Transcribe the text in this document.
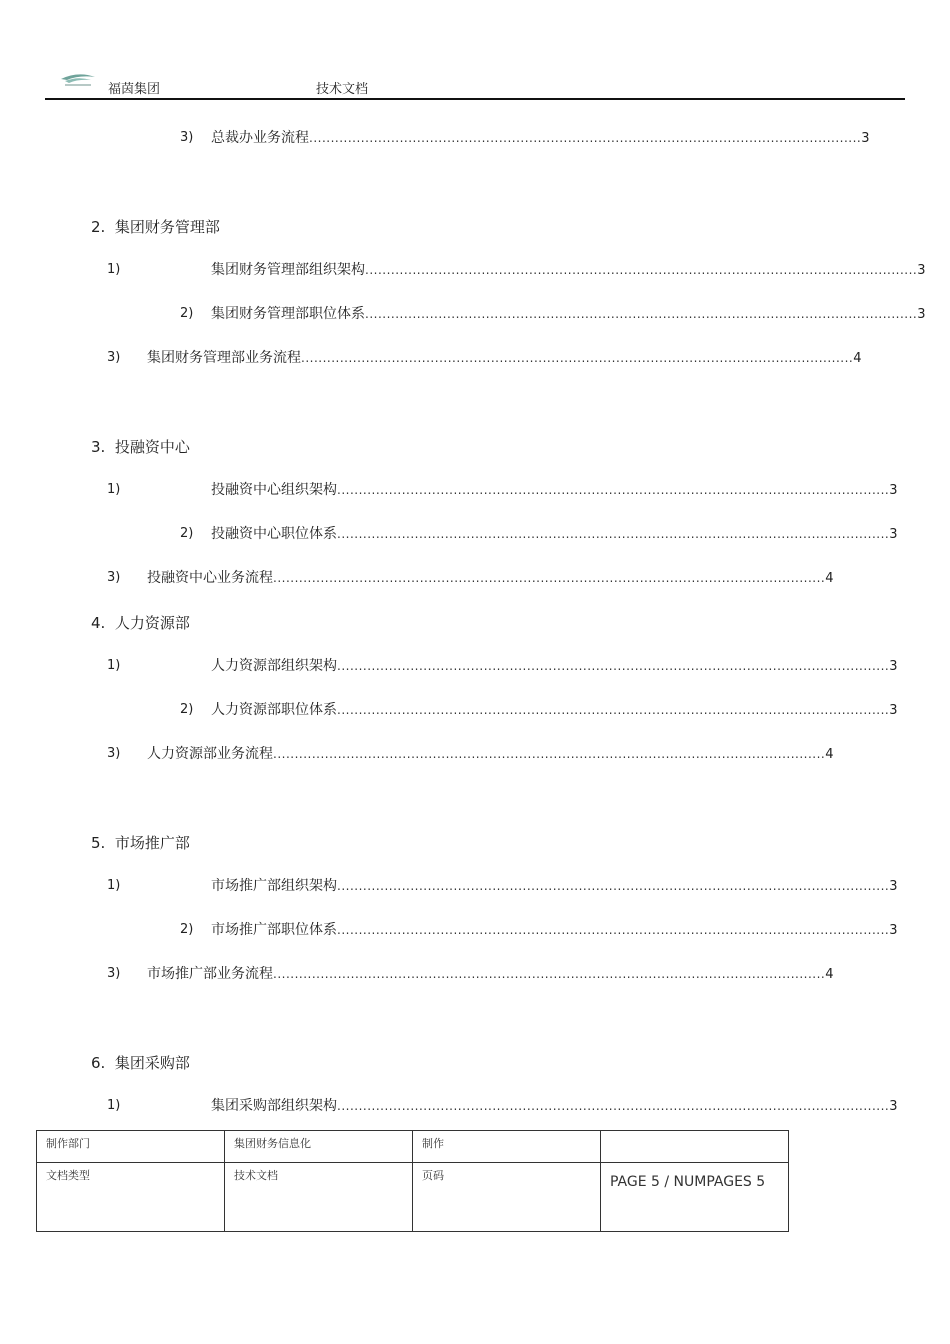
福茵集团	技术文档
3) 总裁办业务流程 ................................................................................................................................ 3
2. 集团财务管理部
1)	集团财务管理部组织架构 ................................................................................................................................ 3
2) 集团财务管理部职位体系 ................................................................................................................................ 3
3) 集团财务管理部业务流程 ................................................................................................................................ 4
3. 投融资中心
1)	投融资中心组织架构 ................................................................................................................................ 3
2) 投融资中心职位体系 ................................................................................................................................ 3
3) 投融资中心业务流程 ................................................................................................................................ 4
4. 人力资源部
1)	人力资源部组织架构 ................................................................................................................................ 3
2) 人力资源部职位体系 ................................................................................................................................ 3
3) 人力资源部业务流程 ................................................................................................................................ 4
5. 市场推广部
1)	市场推广部组织架构 ................................................................................................................................ 3
2) 市场推广部职位体系 ................................................................................................................................ 3
3) 市场推广部业务流程 ................................................................................................................................ 4
6. 集团采购部
1)	集团采购部组织架构 ................................................................................................................................ 3
制作部门	集团财务信息化	制作	
文档类型	技术文档	页码	PAGE 5 / NUMPAGES 5
